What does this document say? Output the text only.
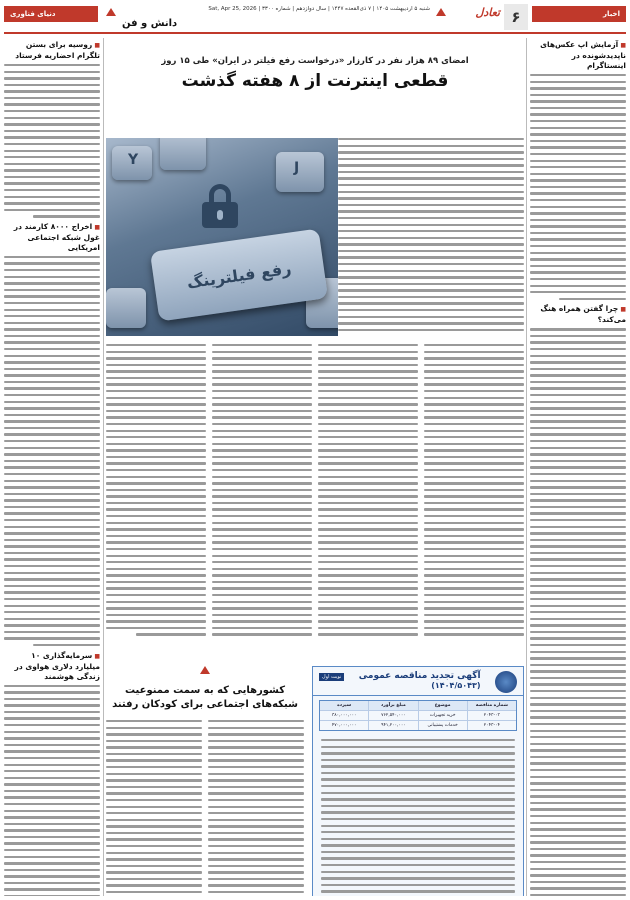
اخبار
۶
تعادل
شنبه ۵ اردیبهشت ۱۴۰۵ | ۷ ذی‌القعده ۱۴۴۷ | سال دوازدهم | شماره ۳۳۰۰ | Sat, Apr 25, 2026
دانش و فن
دنیای فناوری
■ آزمایش اپ عکس‌های ناپدیدشونده در اینستاگرام
■ چرا گفتن همراه هنگ می‌کند؟
■ روسیه برای بستن تلگرام احضاریه فرستاد
■ اخراج ۸۰۰۰ کارمند در غول شبکه اجتماعی امریکایی
■ سرمایه‌گذاری ۱۰ میلیارد دلاری هواوی در زندگی هوشمند
امضای ۸۹ هزار نفر در کارزار «درخواست رفع فیلتر در ایران» طی ۱۵ روز
قطعی اینترنت از ۸ هفته گذشت
Y	J
رفع فیلترینگ
آگهی تجدید مناقصه عمومی
(۱۴۰۴/۵۰۴۳)
نوبت اول
شماره مناقصه
موضوع
مبلغ برآورد
سپرده
۲۰۴۳-۰۳
خرید تجهیزات
۷۶۲,۵۴۰,۰۰۰
۳۸۰,۰۰۰,۰۰۰
۲۰۴۳-۰۴
خدمات پشتیبانی
۹۴۱,۲۰۰,۰۰۰
۴۷۰,۰۰۰,۰۰۰
کشورهایی که به سمت ممنوعیت شبکه‌های اجتماعی برای کودکان رفتند
